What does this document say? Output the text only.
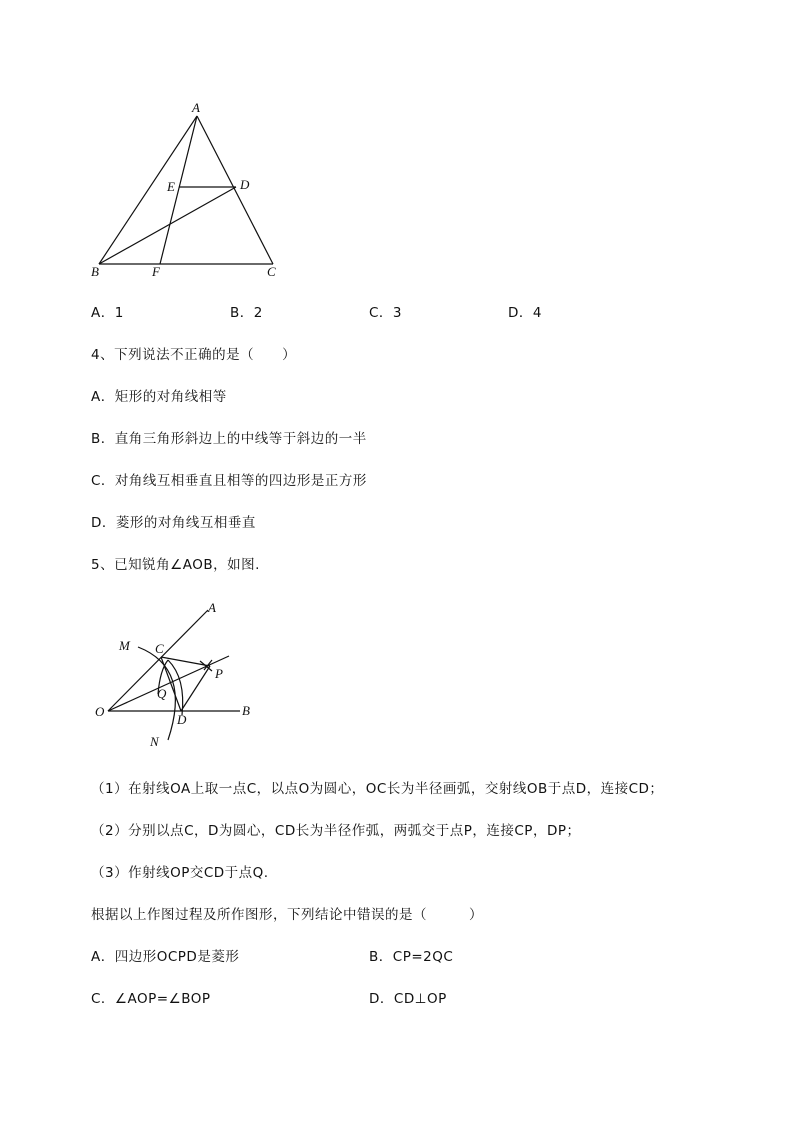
A
B	C
D
E
F
A．1	B．2	C．3	D．4
4、下列说法不正确的是（　　）
A．矩形的对角线相等
B．直角三角形斜边上的中线等于斜边的一半
C．对角线互相垂直且相等的四边形是正方形
D．菱形的对角线互相垂直
5、已知锐角∠AOB，如图.
A
B
C
D
M
N
O
P
Q
（1）在射线OA上取一点C，以点O为圆心，OC长为半径画弧，交射线OB于点D，连接CD；
（2）分别以点C，D为圆心，CD长为半径作弧，两弧交于点P，连接CP，DP；
（3）作射线OP交CD于点Q.
根据以上作图过程及所作图形，下列结论中错误的是（　　　）
A．四边形OCPD是菱形	B．CP=2QC
C．∠AOP=∠BOP	D．CD⊥OP
